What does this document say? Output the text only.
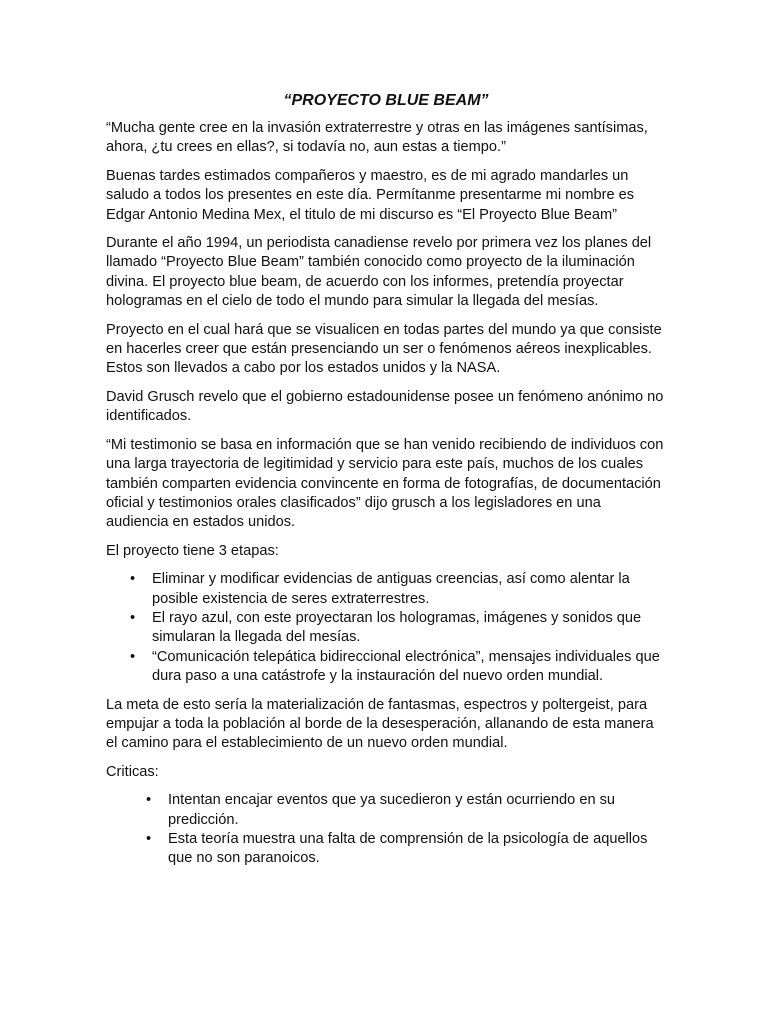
“PROYECTO BLUE BEAM”

“Mucha gente cree en la invasión extraterrestre y otras en las imágenes santísimas, ahora, ¿tu crees en ellas?, si todavía no, aun estas a tiempo.”

Buenas tardes estimados compañeros y maestro, es de mi agrado mandarles un saludo a todos los presentes en este día. Permítanme presentarme mi nombre es Edgar Antonio Medina Mex, el titulo de mi discurso es “El Proyecto Blue Beam”

Durante el año 1994, un periodista canadiense revelo por primera vez los planes del llamado “Proyecto Blue Beam” también conocido como proyecto de la iluminación divina. El proyecto blue beam, de acuerdo con los informes, pretendía proyectar hologramas en el cielo de todo el mundo para simular la llegada del mesías.

Proyecto en el cual hará que se visualicen en todas partes del mundo ya que consiste en hacerles creer que están presenciando un ser o fenómenos aéreos inexplicables. Estos son llevados a cabo por los estados unidos y la NASA.

David Grusch revelo que el gobierno estadounidense posee un fenómeno anónimo no identificados.

“Mi testimonio se basa en información que se han venido recibiendo de individuos con una larga trayectoria de legitimidad y servicio para este país, muchos de los cuales también comparten evidencia convincente en forma de fotografías, de documentación oficial y testimonios orales clasificados” dijo grusch a los legisladores en una audiencia en estados unidos.

El proyecto tiene 3 etapas:

• Eliminar y modificar evidencias de antiguas creencias, así como alentar la posible existencia de seres extraterrestres.
• El rayo azul, con este proyectaran los hologramas, imágenes y sonidos que simularan la llegada del mesías.
• “Comunicación telepática bidireccional electrónica”, mensajes individuales que dura paso a una catástrofe y la instauración del nuevo orden mundial.

La meta de esto sería la materialización de fantasmas, espectros y poltergeist, para empujar a toda la población al borde de la desesperación, allanando de esta manera el camino para el establecimiento de un nuevo orden mundial.

Criticas:

• Intentan encajar eventos que ya sucedieron y están ocurriendo en su predicción.
• Esta teoría muestra una falta de comprensión de la psicología de aquellos que no son paranoicos.
